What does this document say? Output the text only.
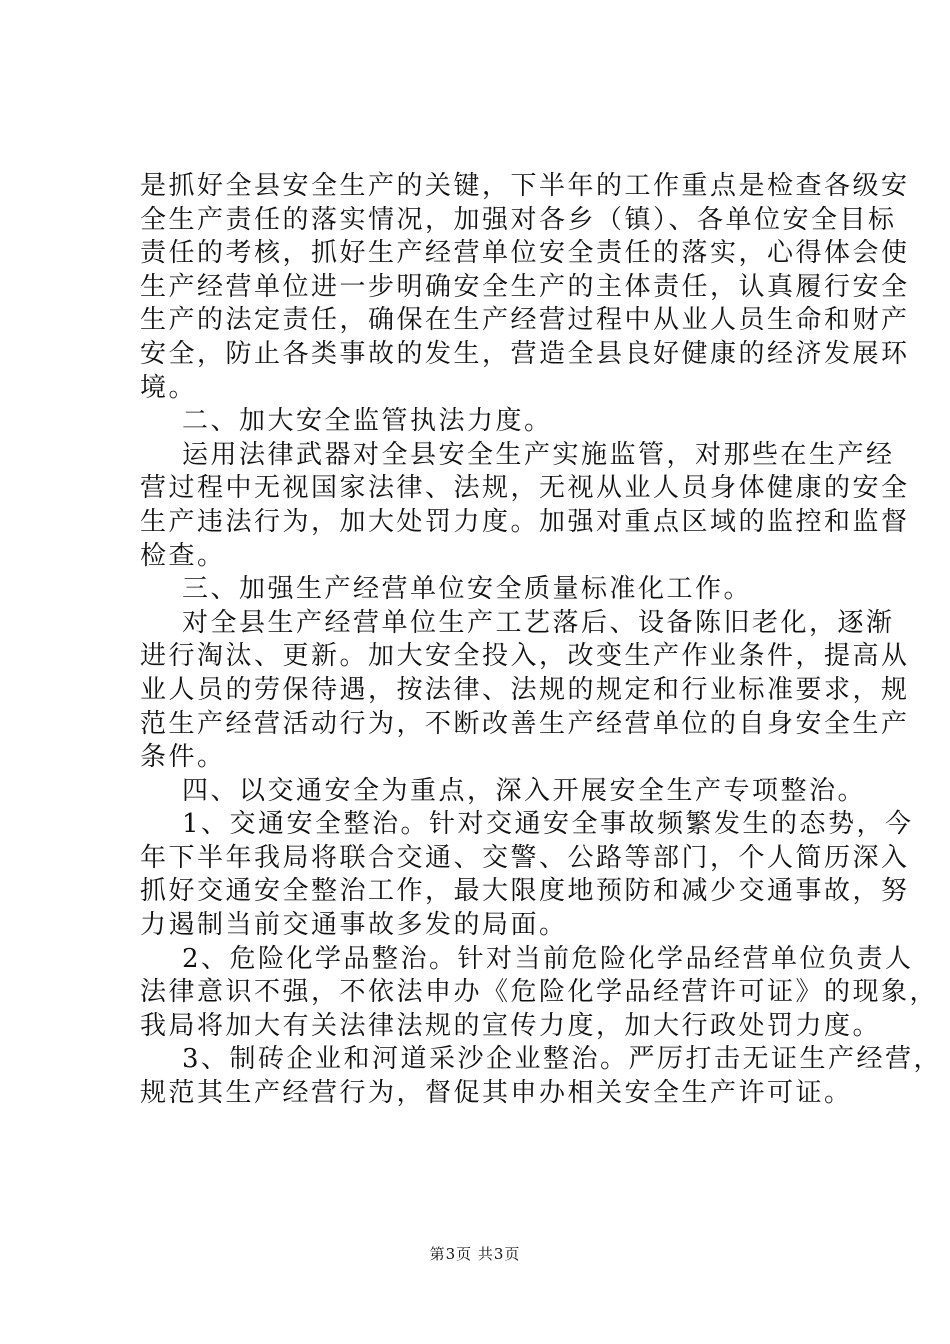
是抓好全县安全生产的关键，下半年的工作重点是检查各级安
全生产责任的落实情况，加强对各乡（镇）、各单位安全目标
责任的考核，抓好生产经营单位安全责任的落实，心得体会使
生产经营单位进一步明确安全生产的主体责任，认真履行安全
生产的法定责任，确保在生产经营过程中从业人员生命和财产
安全，防止各类事故的发生，营造全县良好健康的经济发展环
境。
二、加大安全监管执法力度。
运用法律武器对全县安全生产实施监管，对那些在生产经
营过程中无视国家法律、法规，无视从业人员身体健康的安全
生产违法行为，加大处罚力度。加强对重点区域的监控和监督
检查。
三、加强生产经营单位安全质量标准化工作。
对全县生产经营单位生产工艺落后、设备陈旧老化，逐渐
进行淘汰、更新。加大安全投入，改变生产作业条件，提高从
业人员的劳保待遇，按法律、法规的规定和行业标准要求，规
范生产经营活动行为，不断改善生产经营单位的自身安全生产
条件。
四、以交通安全为重点，深入开展安全生产专项整治。
1、交通安全整治。针对交通安全事故频繁发生的态势，今
年下半年我局将联合交通、交警、公路等部门，个人简历深入
抓好交通安全整治工作，最大限度地预防和减少交通事故，努
力遏制当前交通事故多发的局面。
2、危险化学品整治。针对当前危险化学品经营单位负责人
法律意识不强，不依法申办《危险化学品经营许可证》的现象，
我局将加大有关法律法规的宣传力度，加大行政处罚力度。
3、制砖企业和河道采沙企业整治。严厉打击无证生产经营，
规范其生产经营行为，督促其申办相关安全生产许可证。
第3页 共3页
